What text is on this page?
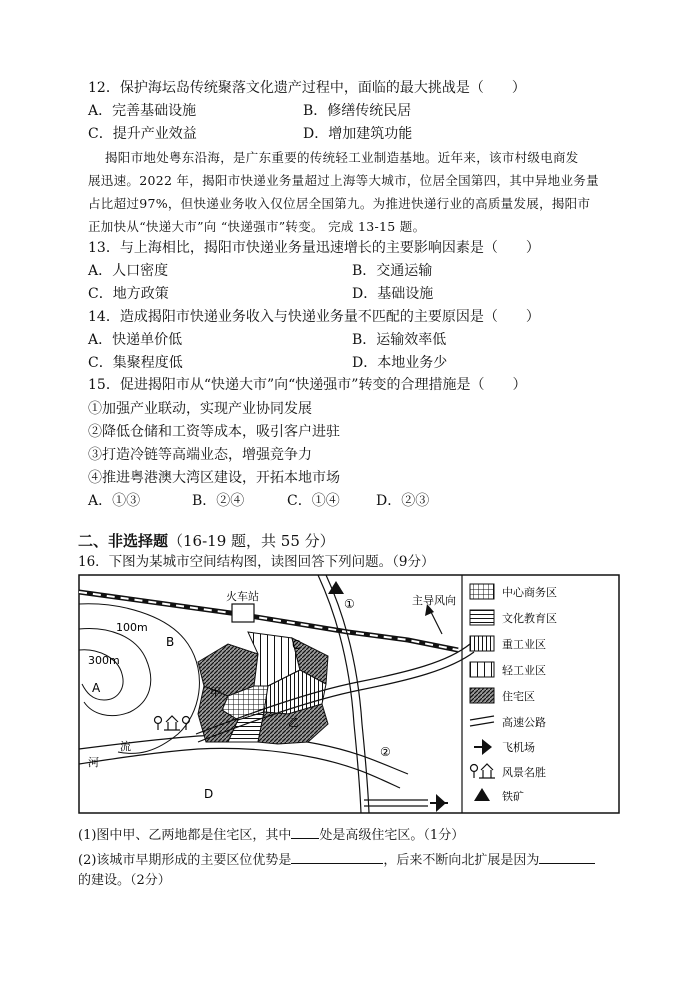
12．保护海坛岛传统聚落文化遗产过程中，面临的最大挑战是（　　）
A．完善基础设施	B．修缮传统民居
C．提升产业效益	D．增加建筑功能
揭阳市地处粤东沿海，是广东重要的传统轻工业制造基地。近年来，该市村级电商发
展迅速。2022 年，揭阳市快递业务量超过上海等大城市，位居全国第四，其中异地业务量
占比超过97%，但快递业务收入仅位居全国第九。为推进快递行业的高质量发展，揭阳市
正加快从“快递大市”向 “快递强市”转变。 完成 13-15 题。
13．与上海相比，揭阳市快递业务量迅速增长的主要影响因素是（　　）
A．人口密度	B．交通运输
C．地方政策	D．基础设施
14．造成揭阳市快递业务收入与快递业务量不匹配的主要原因是（　　）
A．快递单价低	B．运输效率低
C．集聚程度低	D．本地业务少
15．促进揭阳市从“快递大市”向“快递强市”转变的合理措施是（　　）
①加强产业联动，实现产业协同发展
②降低仓储和工资等成本，吸引客户进驻
③打造冷链等高端业态，增强竞争力
④推进粤港澳大湾区建设，开拓本地市场
A．①③	B．②④	C．①④	D．②③
二、非选择题（16-19 题，共 55 分）
16．下图为某城市空间结构图，读图回答下列问题。（9分）
火车站
100m
300m
A
B	C
D
甲
乙
①
②
主导风向
河
流
中心商务区
文化教育区
重工业区
轻工业区
住宅区
高速公路
飞机场
风景名胜
铁矿
(1)图中甲、乙两地都是住宅区，其中 处是高级住宅区。（1分）
(2)该城市早期形成的主要区位优势是	，后来不断向北扩展是因为
的建设。（2分）
